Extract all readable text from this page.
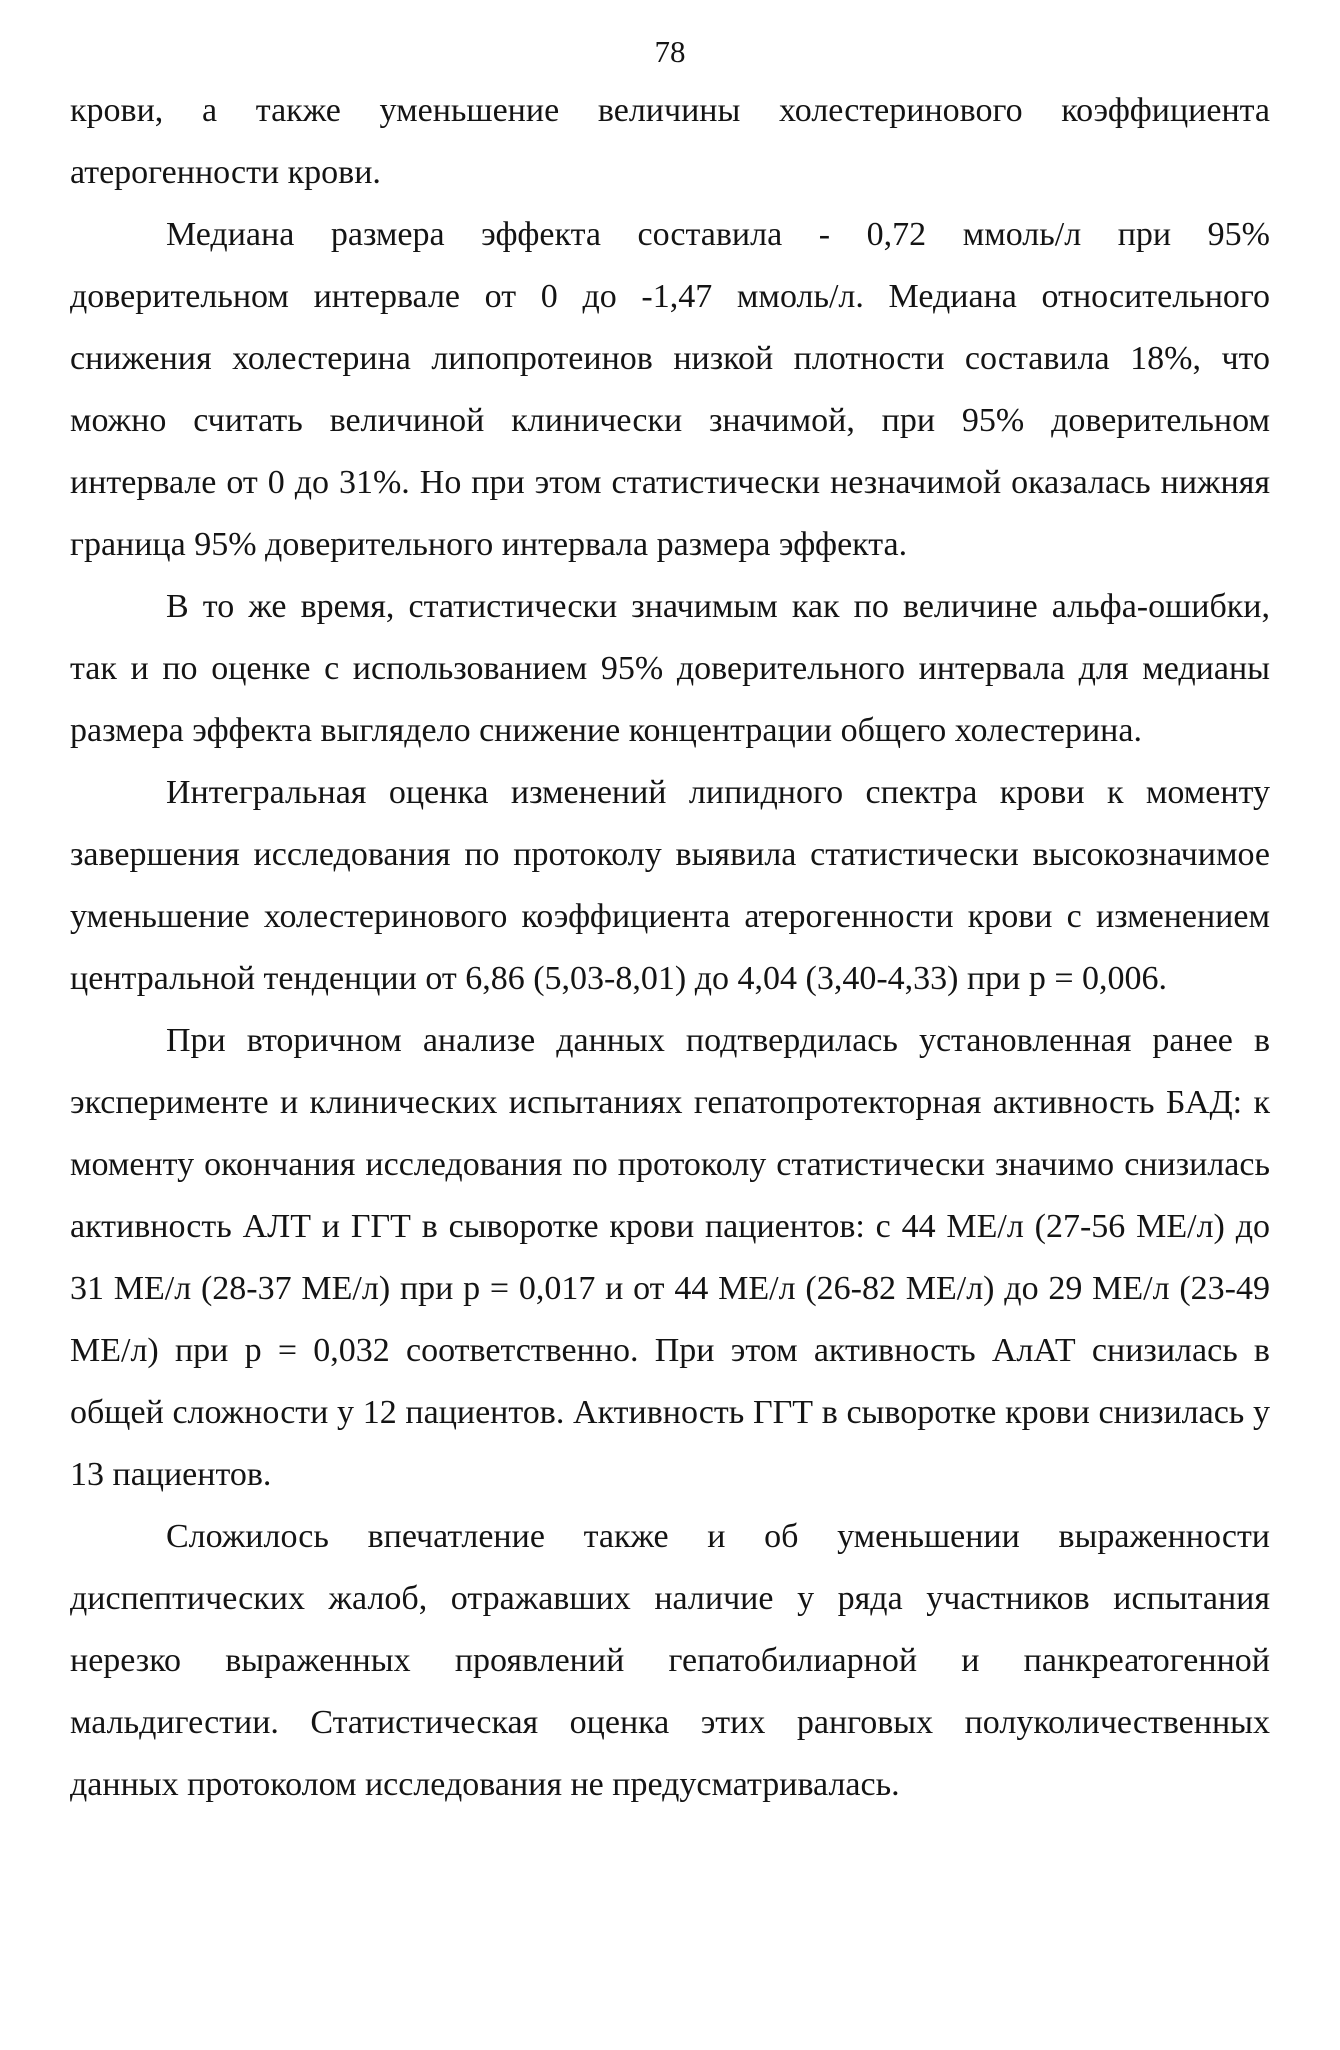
78

крови, а также уменьшение величины холестеринового коэффициента атерогенности крови.

Медиана размера эффекта составила - 0,72 ммоль/л при 95% доверительном интервале от 0 до -1,47 ммоль/л. Медиана относительного снижения холестерина липопротеинов низкой плотности составила 18%, что можно считать величиной клинически значимой, при 95% доверительном интервале от 0 до 31%. Но при этом статистически незначимой оказалась нижняя граница 95% доверительного интервала размера эффекта.

В то же время, статистически значимым как по величине альфа-ошибки, так и по оценке с использованием 95% доверительного интервала для медианы размера эффекта выглядело снижение концентрации общего холестерина.

Интегральная оценка изменений липидного спектра крови к моменту завершения исследования по протоколу выявила статистически высокозначимое уменьшение холестеринового коэффициента атерогенности крови с изменением центральной тенденции от 6,86 (5,03-8,01) до 4,04 (3,40-4,33) при p = 0,006.

При вторичном анализе данных подтвердилась установленная ранее в эксперименте и клинических испытаниях гепатопротекторная активность БАД: к моменту окончания исследования по протоколу статистически значимо снизилась активность АЛТ и ГГТ в сыворотке крови пациентов: с 44 МЕ/л (27-56 МЕ/л) до 31 МЕ/л (28-37 МЕ/л) при p = 0,017 и от 44 МЕ/л (26-82 МЕ/л) до 29 МЕ/л (23-49 МЕ/л) при p = 0,032 соответственно. При этом активность АлАТ снизилась в общей сложности у 12 пациентов. Активность ГГТ в сыворотке крови снизилась у 13 пациентов.

Сложилось впечатление также и об уменьшении выраженности диспептических жалоб, отражавших наличие у ряда участников испытания нерезко выраженных проявлений гепатобилиарной и панкреатогенной мальдигестии. Статистическая оценка этих ранговых полуколичественных данных протоколом исследования не предусматривалась.
